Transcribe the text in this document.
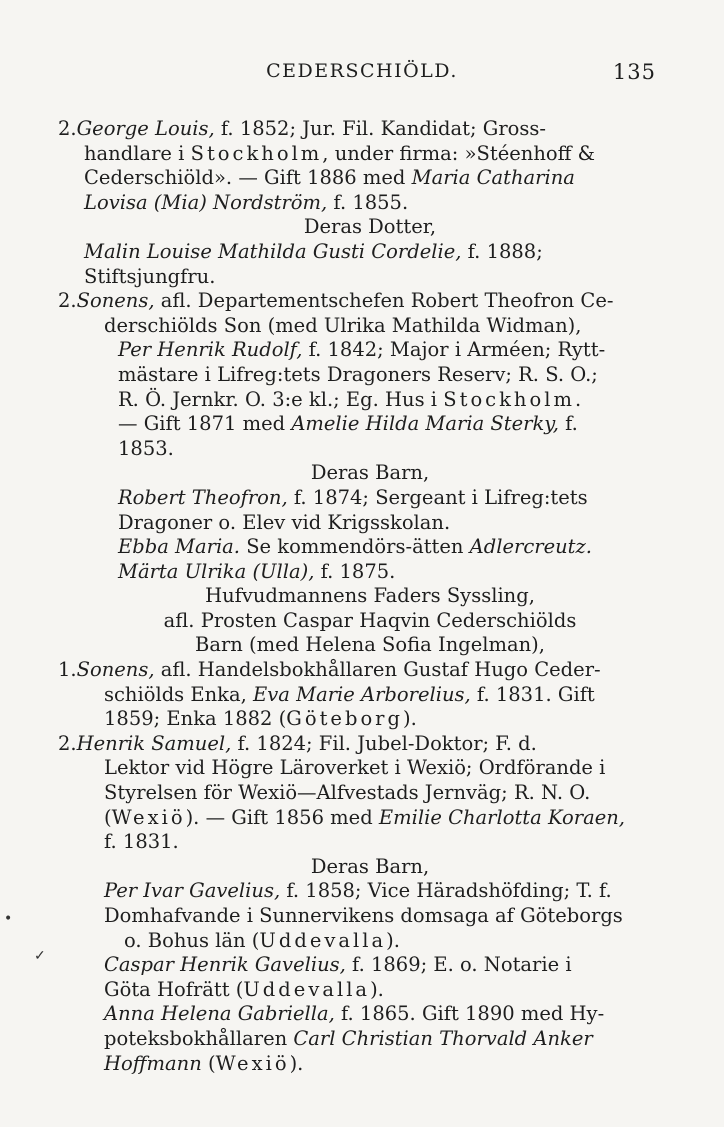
CEDERSCHIÖLD.	135
2.George Louis, f. 1852; Jur. Fil. Kandidat; Gross-
handlare i Stockholm, under firma: »Stéenhoff &
Cederschiöld». — Gift 1886 med Maria Catharina
Lovisa (Mia) Nordström, f. 1855.
Deras Dotter,
Malin Louise Mathilda Gusti Cordelie, f. 1888;
Stiftsjungfru.
2.Sonens, afl. Departementschefen Robert Theofron Ce-
derschiölds Son (med Ulrika Mathilda Widman),
Per Henrik Rudolf, f. 1842; Major i Arméen; Rytt-
mästare i Lifreg:tets Dragoners Reserv; R. S. O.;
R. Ö. Jernkr. O. 3:e kl.; Eg. Hus i Stockholm.
— Gift 1871 med Amelie Hilda Maria Sterky, f.
1853.
Deras Barn,
Robert Theofron, f. 1874; Sergeant i Lifreg:tets
Dragoner o. Elev vid Krigsskolan.
Ebba Maria. Se kommendörs-ätten Adlercreutz.
Märta Ulrika (Ulla), f. 1875.
Hufvudmannens Faders Syssling,
afl. Prosten Caspar Haqvin Cederschiölds
Barn (med Helena Sofia Ingelman),
1.Sonens, afl. Handelsbokhållaren Gustaf Hugo Ceder-
schiölds Enka, Eva Marie Arborelius, f. 1831. Gift
1859; Enka 1882 (Göteborg).
2.Henrik Samuel, f. 1824; Fil. Jubel-Doktor; F. d.
Lektor vid Högre Läroverket i Wexiö; Ordförande i
Styrelsen för Wexiö—Alfvestads Jernväg; R. N. O.
(Wexiö). — Gift 1856 med Emilie Charlotta Koraen,
f. 1831.
Deras Barn,
Per Ivar Gavelius, f. 1858; Vice Häradshöfding; T. f.
Domhafvande i Sunnervikens domsaga af Göteborgs
o. Bohus län (Uddevalla).
Caspar Henrik Gavelius, f. 1869; E. o. Notarie i
Göta Hofrätt (Uddevalla).
Anna Helena Gabriella, f. 1865. Gift 1890 med Hy-
poteksbokhållaren Carl Christian Thorvald Anker
Hoffmann (Wexiö).
•
✓
